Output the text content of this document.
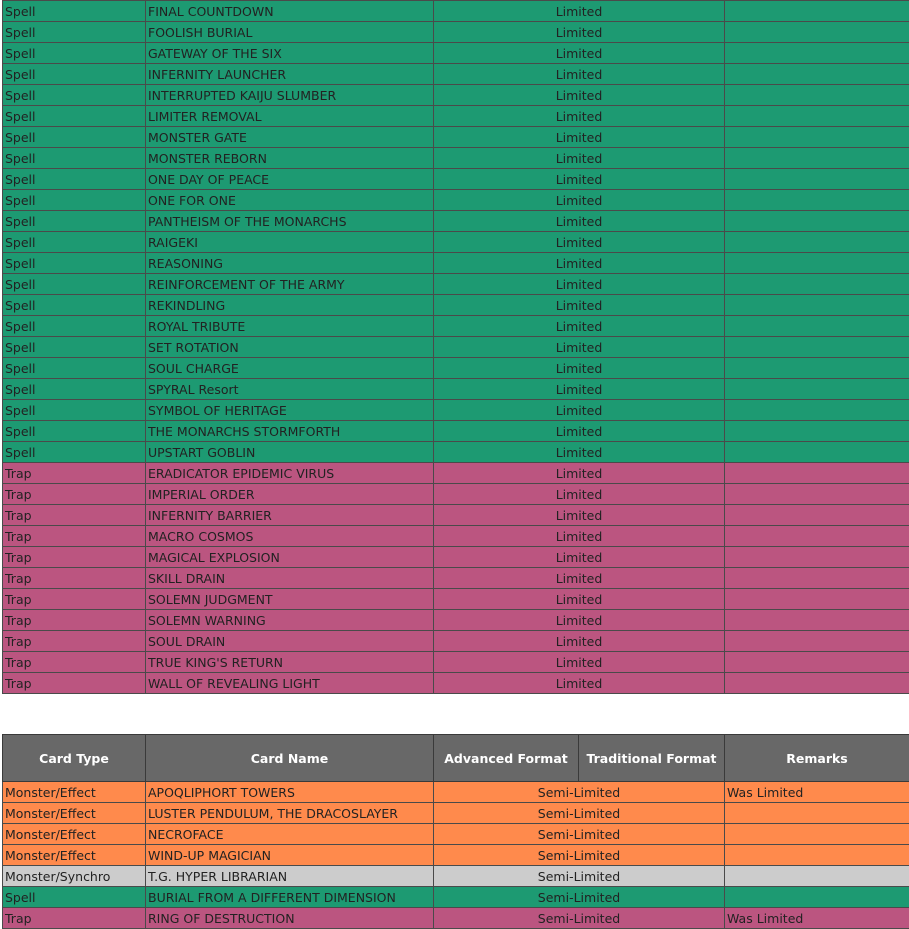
Spell	FINAL COUNTDOWN	Limited	
Spell	FOOLISH BURIAL	Limited	
Spell	GATEWAY OF THE SIX	Limited	
Spell	INFERNITY LAUNCHER	Limited	
Spell	INTERRUPTED KAIJU SLUMBER	Limited	
Spell	LIMITER REMOVAL	Limited	
Spell	MONSTER GATE	Limited	
Spell	MONSTER REBORN	Limited	
Spell	ONE DAY OF PEACE	Limited	
Spell	ONE FOR ONE	Limited	
Spell	PANTHEISM OF THE MONARCHS	Limited	
Spell	RAIGEKI	Limited	
Spell	REASONING	Limited	
Spell	REINFORCEMENT OF THE ARMY	Limited	
Spell	REKINDLING	Limited	
Spell	ROYAL TRIBUTE	Limited	
Spell	SET ROTATION	Limited	
Spell	SOUL CHARGE	Limited	
Spell	SPYRAL Resort	Limited	
Spell	SYMBOL OF HERITAGE	Limited	
Spell	THE MONARCHS STORMFORTH	Limited	
Spell	UPSTART GOBLIN	Limited	
Trap	ERADICATOR EPIDEMIC VIRUS	Limited	
Trap	IMPERIAL ORDER	Limited	
Trap	INFERNITY BARRIER	Limited	
Trap	MACRO COSMOS	Limited	
Trap	MAGICAL EXPLOSION	Limited	
Trap	SKILL DRAIN	Limited	
Trap	SOLEMN JUDGMENT	Limited	
Trap	SOLEMN WARNING	Limited	
Trap	SOUL DRAIN	Limited	
Trap	TRUE KING'S RETURN	Limited	
Trap	WALL OF REVEALING LIGHT	Limited	
Card Type	Card Name	Advanced Format	Traditional Format	Remarks
Monster/Effect	APOQLIPHORT TOWERS	Semi-Limited		Was Limited
Monster/Effect	LUSTER PENDULUM, THE DRACOSLAYER	Semi-Limited		
Monster/Effect	NECROFACE	Semi-Limited		
Monster/Effect	WIND-UP MAGICIAN	Semi-Limited		
Monster/Synchro	T.G. HYPER LIBRARIAN	Semi-Limited		
Spell	BURIAL FROM A DIFFERENT DIMENSION	Semi-Limited		
Trap	RING OF DESTRUCTION	Semi-Limited		Was Limited
